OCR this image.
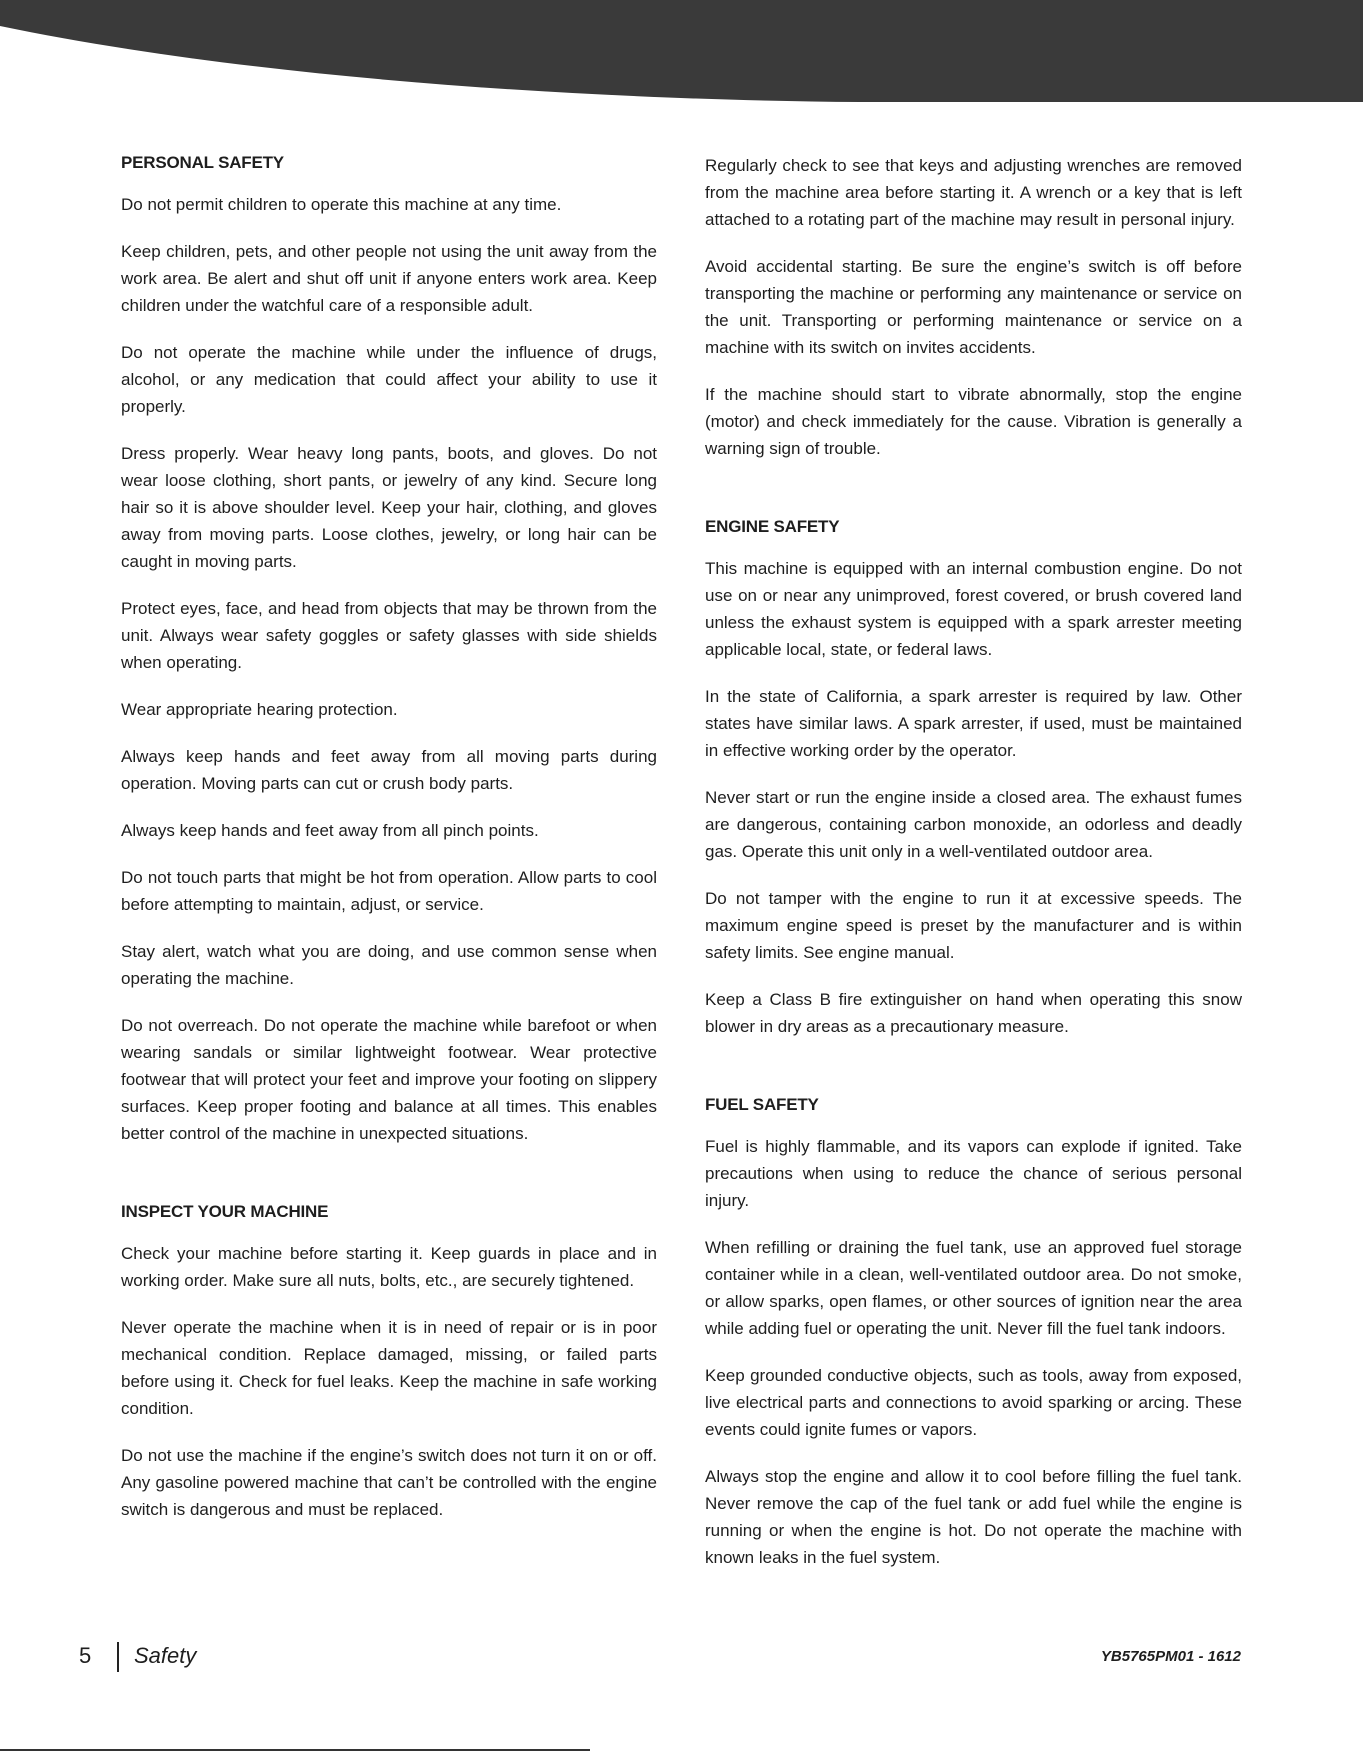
PERSONAL SAFETY

Do not permit children to operate this machine at any time.

Keep children, pets, and other people not using the unit away from the work area. Be alert and shut off unit if anyone enters work area. Keep children under the watchful care of a responsible adult.

Do not operate the machine while under the influence of drugs, alcohol, or any medication that could affect your ability to use it properly.

Dress properly. Wear heavy long pants, boots, and gloves. Do not wear loose clothing, short pants, or jewelry of any kind. Secure long hair so it is above shoulder level. Keep your hair, clothing, and gloves away from moving parts. Loose clothes, jewelry, or long hair can be caught in moving parts.

Protect eyes, face, and head from objects that may be thrown from the unit. Always wear safety goggles or safety glasses with side shields when operating.

Wear appropriate hearing protection.

Always keep hands and feet away from all moving parts during operation. Moving parts can cut or crush body parts.

Always keep hands and feet away from all pinch points.

Do not touch parts that might be hot from operation. Allow parts to cool before attempting to maintain, adjust, or service.

Stay alert, watch what you are doing, and use common sense when operating the machine.

Do not overreach. Do not operate the machine while barefoot or when wearing sandals or similar lightweight footwear. Wear protective footwear that will protect your feet and improve your footing on slippery surfaces. Keep proper footing and balance at all times. This enables better control of the machine in unexpected situations.

INSPECT YOUR MACHINE

Check your machine before starting it. Keep guards in place and in working order. Make sure all nuts, bolts, etc., are securely tightened.

Never operate the machine when it is in need of repair or is in poor mechanical condition. Replace damaged, missing, or failed parts before using it. Check for fuel leaks. Keep the machine in safe working condition.

Do not use the machine if the engine’s switch does not turn it on or off. Any gasoline powered machine that can’t be controlled with the engine switch is dangerous and must be replaced.

Regularly check to see that keys and adjusting wrenches are removed from the machine area before starting it. A wrench or a key that is left attached to a rotating part of the machine may result in personal injury.

Avoid accidental starting. Be sure the engine’s switch is off before transporting the machine or performing any maintenance or service on the unit. Transporting or performing maintenance or service on a machine with its switch on invites accidents.

If the machine should start to vibrate abnormally, stop the engine (motor) and check immediately for the cause. Vibration is generally a warning sign of trouble.

ENGINE SAFETY

This machine is equipped with an internal combustion engine. Do not use on or near any unimproved, forest covered, or brush covered land unless the exhaust system is equipped with a spark arrester meeting applicable local, state, or federal laws.

In the state of California, a spark arrester is required by law. Other states have similar laws. A spark arrester, if used, must be maintained in effective working order by the operator.

Never start or run the engine inside a closed area. The exhaust fumes are dangerous, containing carbon monoxide, an odorless and deadly gas. Operate this unit only in a well-ventilated outdoor area.

Do not tamper with the engine to run it at excessive speeds. The maximum engine speed is preset by the manufacturer and is within safety limits. See engine manual.

Keep a Class B fire extinguisher on hand when operating this snow blower in dry areas as a precautionary measure.

FUEL SAFETY

Fuel is highly flammable, and its vapors can explode if ignited. Take precautions when using to reduce the chance of serious personal injury.

When refilling or draining the fuel tank, use an approved fuel storage container while in a clean, well-ventilated outdoor area. Do not smoke, or allow sparks, open flames, or other sources of ignition near the area while adding fuel or operating the unit. Never fill the fuel tank indoors.

Keep grounded conductive objects, such as tools, away from exposed, live electrical parts and connections to avoid sparking or arcing. These events could ignite fumes or vapors.

Always stop the engine and allow it to cool before filling the fuel tank. Never remove the cap of the fuel tank or add fuel while the engine is running or when the engine is hot. Do not operate the machine with known leaks in the fuel system.

5 Safety	YB5765PM01 - 1612
